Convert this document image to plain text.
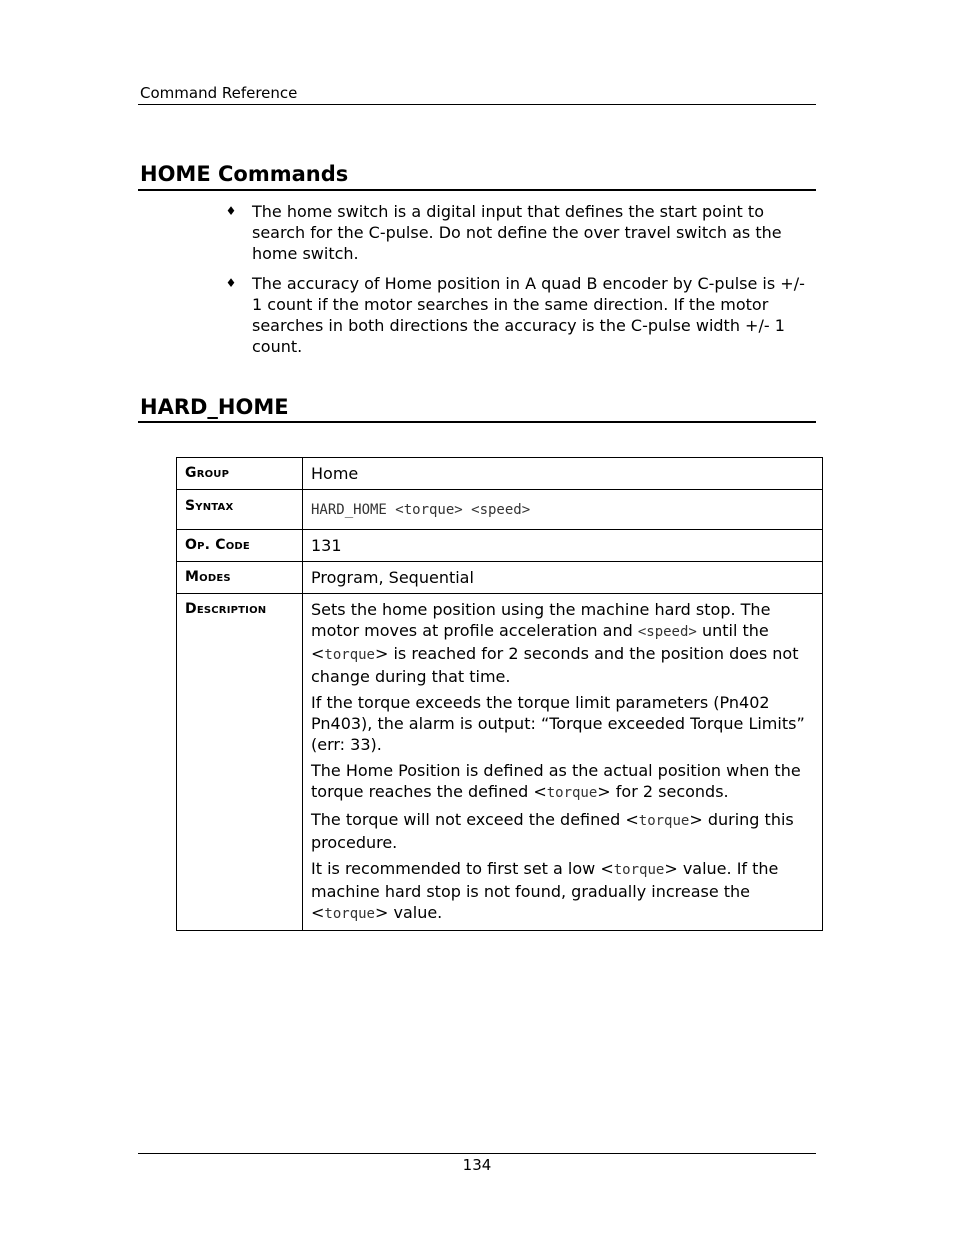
Command Reference
HOME Commands
♦ The home switch is a digital input that defines the start point to search for the C-pulse. Do not define the over travel switch as the home switch.
♦ The accuracy of Home position in A quad B encoder by C-pulse is +/- 1 count if the motor searches in the same direction. If the motor searches in both directions the accuracy is the C-pulse width +/- 1 count.
HARD_HOME
Group	Home
Syntax	HARD_HOME <torque> <speed>
Op. Code	131
Modes	Program, Sequential
Description	Sets the home position using the machine hard stop. The motor moves at profile acceleration and <speed> until the <torque> is reached for 2 seconds and the position does not change during that time.

If the torque exceeds the torque limit parameters (Pn402 Pn403), the alarm is output: “Torque exceeded Torque Limits” (err: 33).

The Home Position is defined as the actual position when the torque reaches the defined <torque> for 2 seconds.

The torque will not exceed the defined <torque> during this procedure.

It is recommended to first set a low <torque> value. If the machine hard stop is not found, gradually increase the <torque> value.

134
